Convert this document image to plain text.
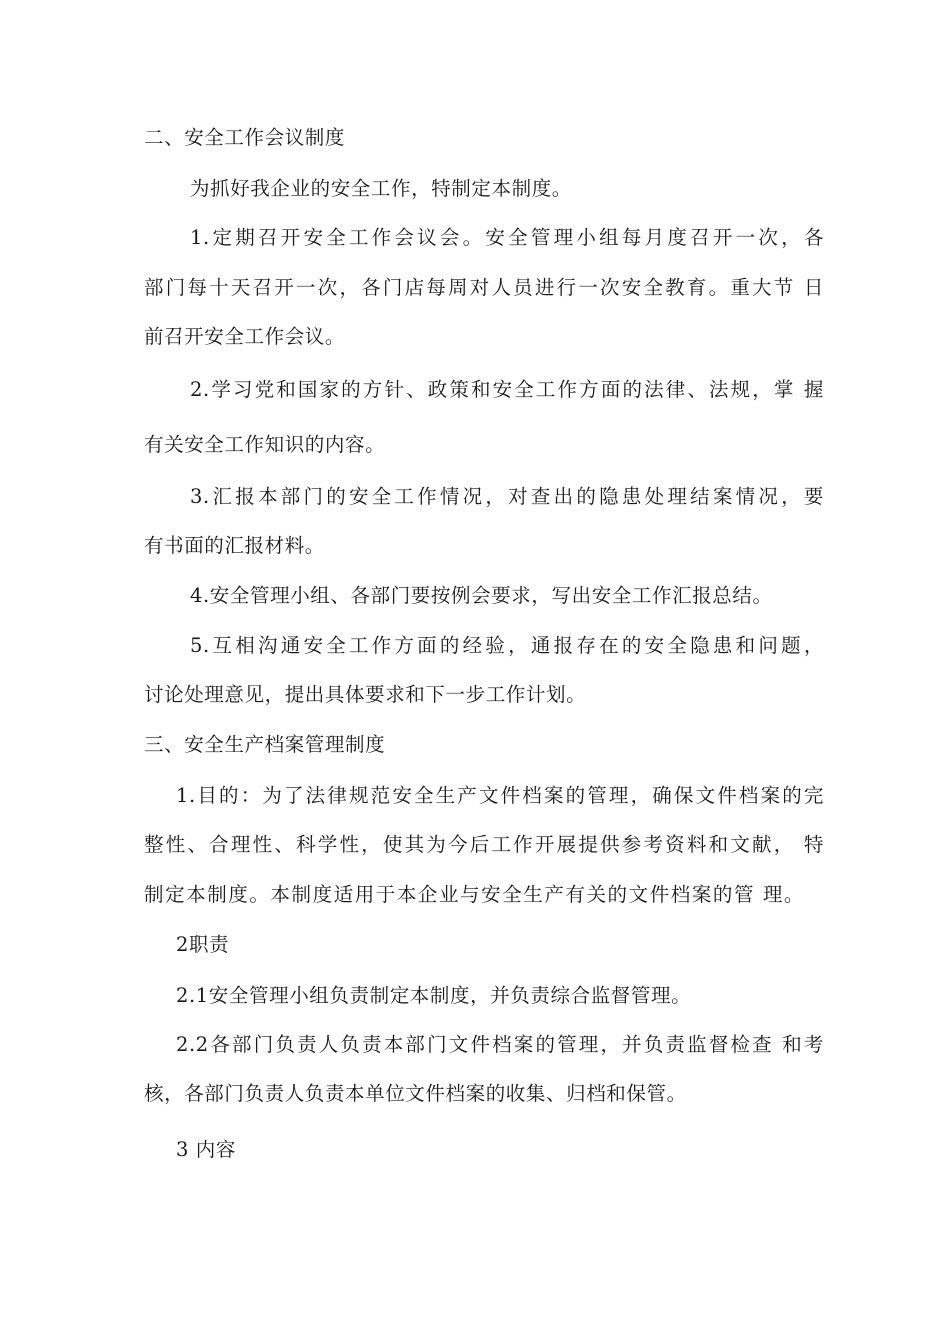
二、安全工作会议制度
为抓好我企业的安全工作，特制定本制度。
1.定期召开安全工作会议会。安全管理小组每月度召开一次，各
部门每十天召开一次，各门店每周对人员进行一次安全教育。重大节 日
前召开安全工作会议。
2.学习党和国家的方针、政策和安全工作方面的法律、法规，掌 握
有关安全工作知识的内容。
3.汇报本部门的安全工作情况，对查出的隐患处理结案情况，要
有书面的汇报材料。
4.安全管理小组、各部门要按例会要求，写出安全工作汇报总结。
5.互相沟通安全工作方面的经验，通报存在的安全隐患和问题，
讨论处理意见，提出具体要求和下一步工作计划。
三、安全生产档案管理制度
1.目的：为了法律规范安全生产文件档案的管理，确保文件档案的完
整性、合理性、科学性，使其为今后工作开展提供参考资料和文献， 特
制定本制度。本制度适用于本企业与安全生产有关的文件档案的管 理。
2职责
2.1安全管理小组负责制定本制度，并负责综合监督管理。
2.2各部门负责人负责本部门文件档案的管理，并负责监督检查 和考
核，各部门负责人负责本单位文件档案的收集、归档和保管。
3 内容
